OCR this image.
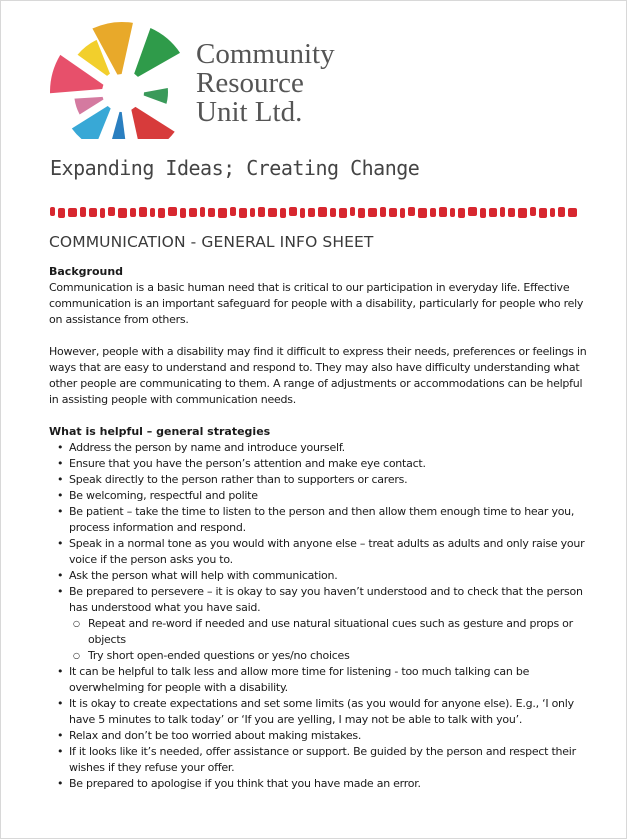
Community
Resource
Unit Ltd.
Expanding Ideas; Creating Change
COMMUNICATION - GENERAL INFO SHEET
Background

Communication is a basic human need that is critical to our participation in everyday life. Effective communication is an important safeguard for people with a disability, particularly for people who rely on assistance from others.

However, people with a disability may find it difficult to express their needs, preferences or feelings in ways that are easy to understand and respond to. They may also have difficulty understanding what other people are communicating to them. A range of adjustments or accommodations can be helpful in assisting people with communication needs.

What is helpful – general strategies
• Address the person by name and introduce yourself.
• Ensure that you have the person’s attention and make eye contact.
• Speak directly to the person rather than to supporters or carers.
• Be welcoming, respectful and polite
• Be patient – take the time to listen to the person and then allow them enough time to hear you, process information and respond.
• Speak in a normal tone as you would with anyone else – treat adults as adults and only raise your voice if the person asks you to.
• Ask the person what will help with communication.
• Be prepared to persevere – it is okay to say you haven’t understood and to check that the person has understood what you have said.
○ Repeat and re-word if needed and use natural situational cues such as gesture and props or objects
○ Try short open-ended questions or yes/no choices
• It can be helpful to talk less and allow more time for listening - too much talking can be overwhelming for people with a disability.
• It is okay to create expectations and set some limits (as you would for anyone else). E.g., ‘I only have 5 minutes to talk today’ or ‘If you are yelling, I may not be able to talk with you’.
• Relax and don’t be too worried about making mistakes.
• If it looks like it’s needed, offer assistance or support. Be guided by the person and respect their wishes if they refuse your offer.
• Be prepared to apologise if you think that you have made an error.
